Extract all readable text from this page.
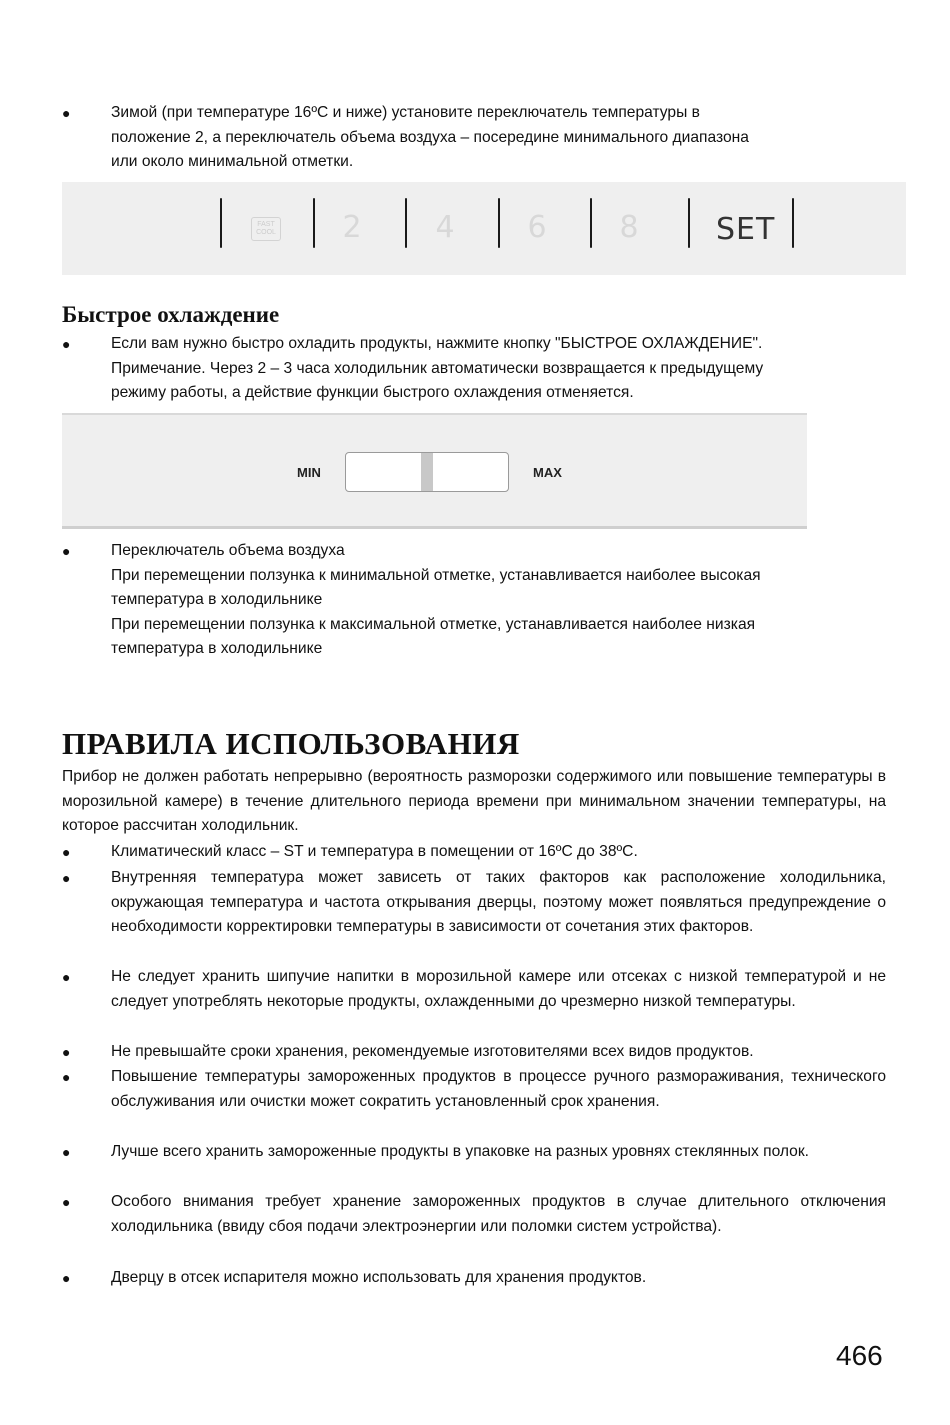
●	Зимой (при температуре 16ºC и ниже) установите переключатель температуры в
положение 2, а переключатель объема воздуха – посередине минимального диапазона
или около минимальной отметки.
FAST COOL	2	4	6	8	SET
Быстрое охлаждение
●	Если вам нужно быстро охладить продукты, нажмите кнопку "БЫСТРОЕ ОХЛАЖДЕНИЕ".
Примечание. Через 2 – 3 часа холодильник автоматически возвращается к предыдущему
режиму работы, а действие функции быстрого охлаждения отменяется.
MIN	MAX
●	Переключатель объема воздуха
При перемещении ползунка к минимальной отметке, устанавливается наиболее высокая
температура в холодильнике
При перемещении ползунка к максимальной отметке, устанавливается наиболее низкая
температура в холодильнике
ПРАВИЛА ИСПОЛЬЗОВАНИЯ
Прибор не должен работать непрерывно (вероятность разморозки содержимого или повышение температуры в морозильной камере) в течение длительного периода времени при минимальном значении температуры, на которое рассчитан холодильник.
●	Климатический класс – ST и температура в помещении от 16ºC до 38ºC.
●	Внутренняя температура может зависеть от таких факторов как расположение холодильника, окружающая температура и частота открывания дверцы, поэтому может появляться предупреждение о необходимости корректировки температуры в зависимости от сочетания этих факторов.
●	Не следует хранить шипучие напитки в морозильной камере или отсеках с низкой температурой и не следует употреблять некоторые продукты, охлажденными до чрезмерно низкой температуры.
●	Не превышайте сроки хранения, рекомендуемые изготовителями всех видов продуктов.
●	Повышение температуры замороженных продуктов в процессе ручного размораживания, технического обслуживания или очистки может сократить установленный срок хранения.
●	Лучше всего хранить замороженные продукты в упаковке на разных уровнях стеклянных полок.
●	Особого внимания требует хранение замороженных продуктов в случае длительного отключения холодильника (ввиду сбоя подачи электроэнергии или поломки систем устройства).
●	Дверцу в отсек испарителя можно использовать для хранения продуктов.
466
